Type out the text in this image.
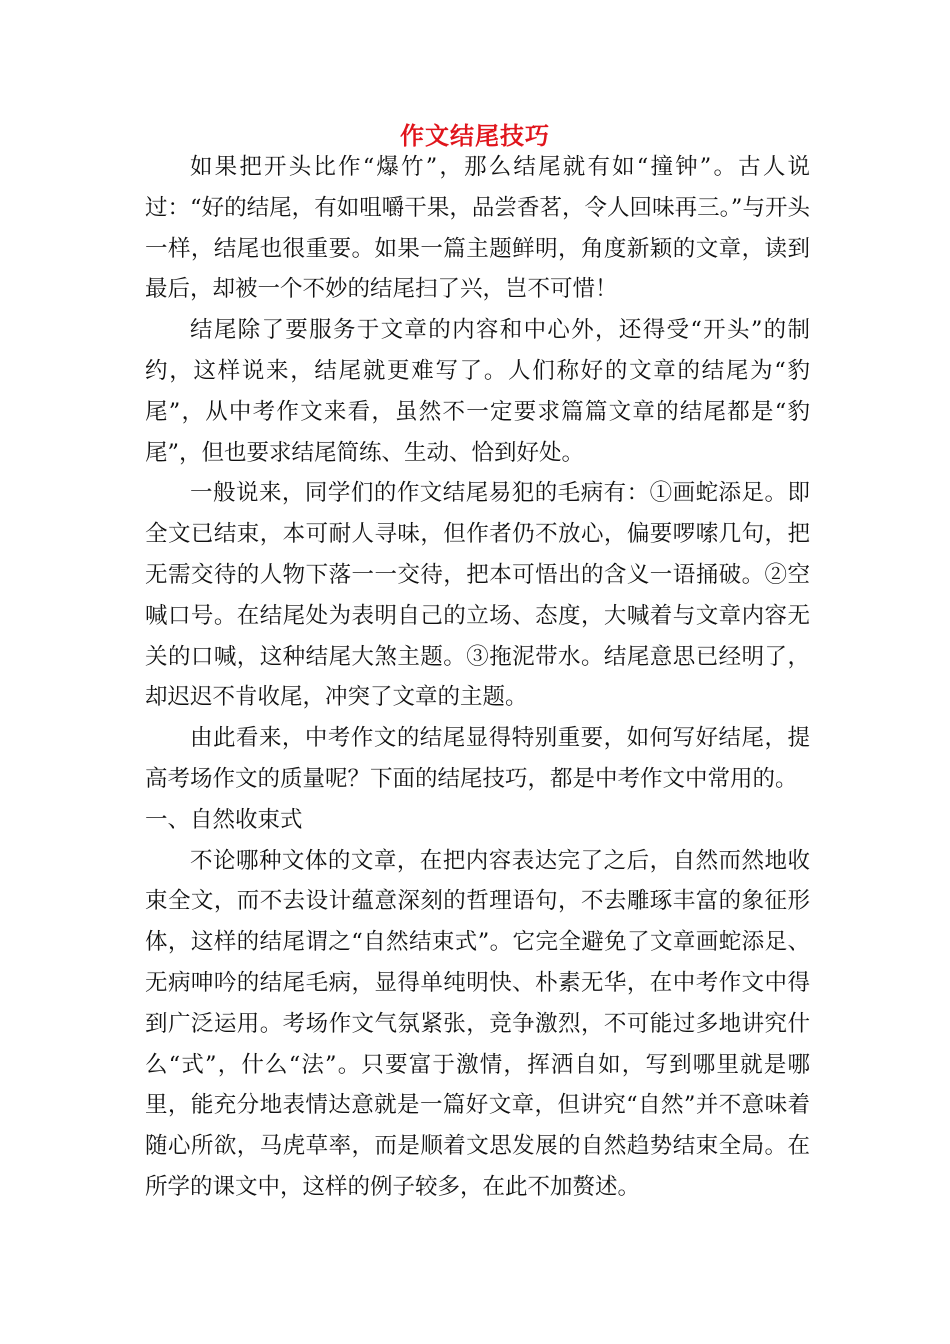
作文结尾技巧

如果把开头比作“爆竹”，那么结尾就有如“撞钟”。古人说过：“好的结尾，有如咀嚼干果，品尝香茗，令人回味再三。”与开头一样，结尾也很重要。如果一篇主题鲜明，角度新颖的文章，读到最后，却被一个不妙的结尾扫了兴，岂不可惜！

结尾除了要服务于文章的内容和中心外，还得受“开头”的制约，这样说来，结尾就更难写了。人们称好的文章的结尾为“豹尾”，从中考作文来看，虽然不一定要求篇篇文章的结尾都是“豹尾”，但也要求结尾简练、生动、恰到好处。

一般说来，同学们的作文结尾易犯的毛病有：①画蛇添足。即全文已结束，本可耐人寻味，但作者仍不放心，偏要啰嗦几句，把无需交待的人物下落一一交待，把本可悟出的含义一语捅破。②空喊口号。在结尾处为表明自己的立场、态度，大喊着与文章内容无关的口喊，这种结尾大煞主题。③拖泥带水。结尾意思已经明了，却迟迟不肯收尾，冲突了文章的主题。

由此看来，中考作文的结尾显得特别重要，如何写好结尾，提高考场作文的质量呢？下面的结尾技巧，都是中考作文中常用的。

一、自然收束式

不论哪种文体的文章，在把内容表达完了之后，自然而然地收束全文，而不去设计蕴意深刻的哲理语句，不去雕琢丰富的象征形体，这样的结尾谓之“自然结束式”。它完全避免了文章画蛇添足、无病呻吟的结尾毛病，显得单纯明快、朴素无华，在中考作文中得到广泛运用。考场作文气氛紧张，竞争激烈，不可能过多地讲究什么“式”，什么“法”。只要富于激情，挥洒自如，写到哪里就是哪里，能充分地表情达意就是一篇好文章，但讲究“自然”并不意味着随心所欲，马虎草率，而是顺着文思发展的自然趋势结束全局。在所学的课文中，这样的例子较多，在此不加赘述。
